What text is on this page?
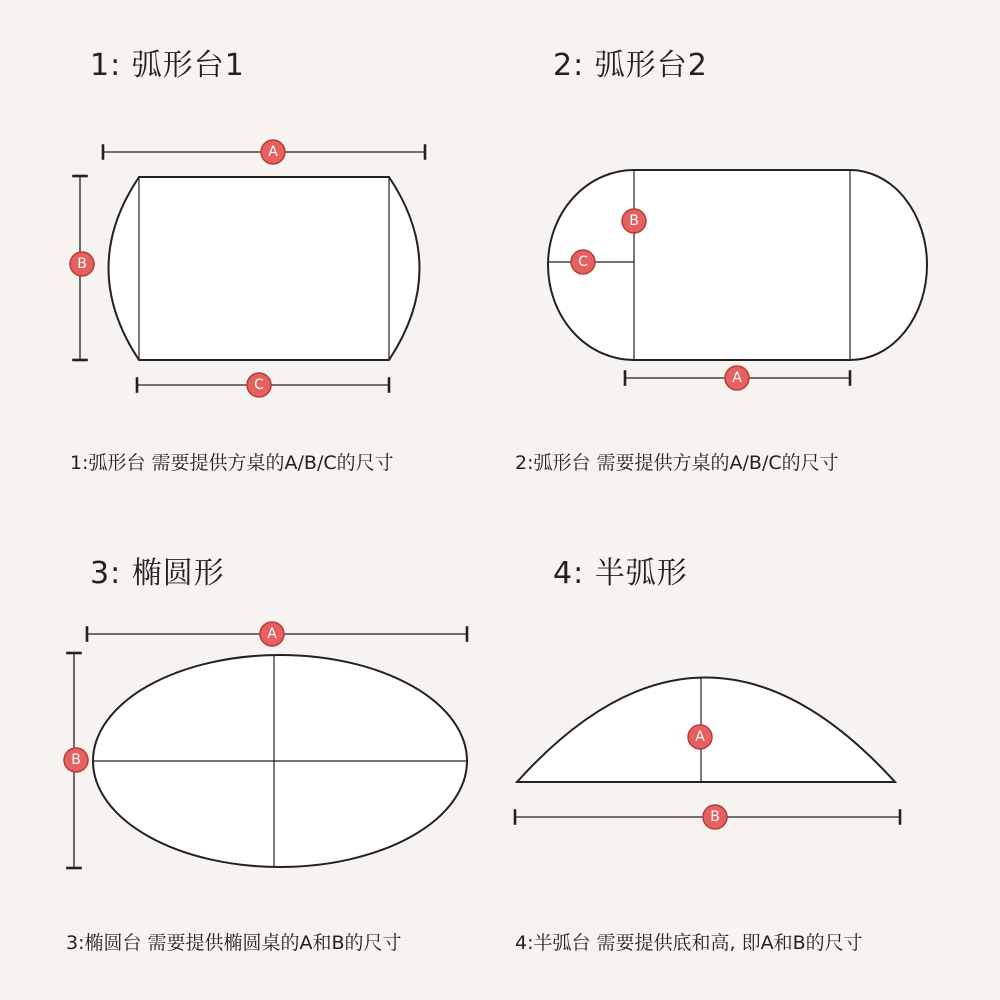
1: 弧形台1	2: 弧形台2
3: 椭圆形	4: 半弧形
A
B
C	A
B
C
A
B
A
B
1:弧形台 需要提供方桌的A/B/C的尺寸	2:弧形台 需要提供方桌的A/B/C的尺寸
3:椭圆台 需要提供椭圆桌的A和B的尺寸	4:半弧台 需要提供底和高, 即A和B的尺寸
